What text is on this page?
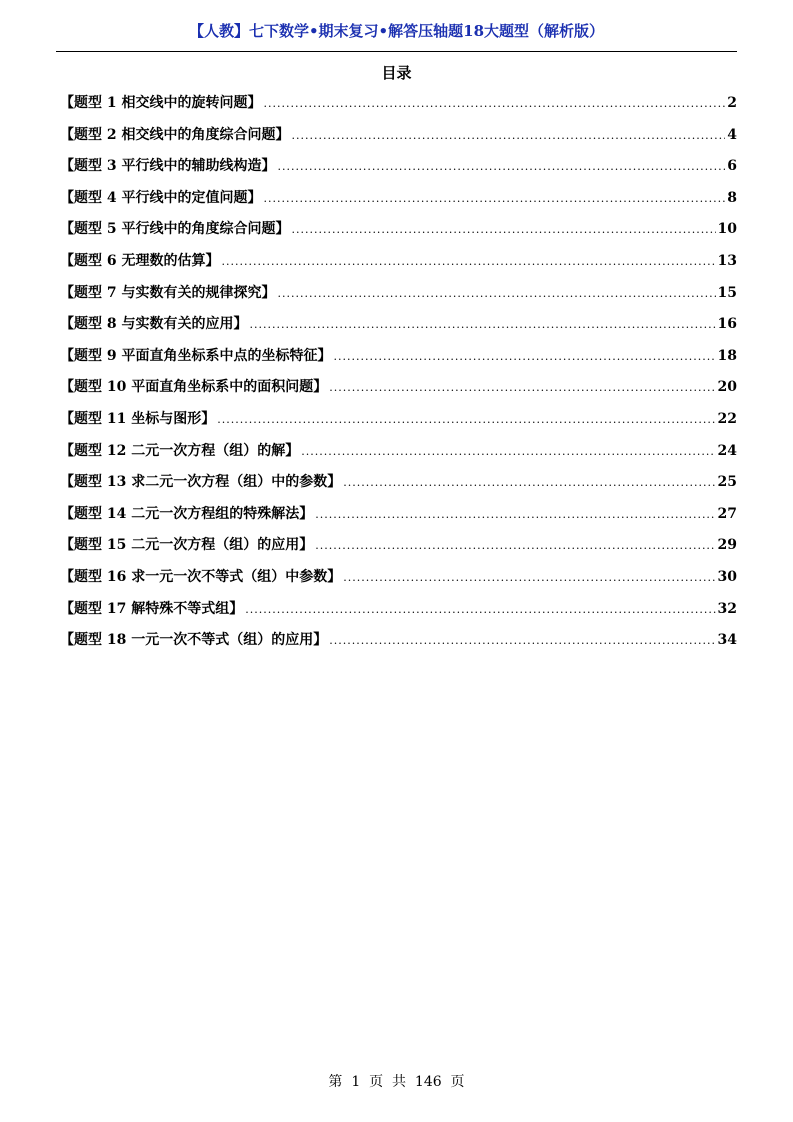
【人教】七下数学•期末复习•解答压轴题18大题型（解析版）
目录
【题型 1 相交线中的旋转问题】 .....	2
【题型 2 相交线中的角度综合问题】 .....	4
【题型 3 平行线中的辅助线构造】 .....	6
【题型 4 平行线中的定值问题】 .....	8
【题型 5 平行线中的角度综合问题】 .....	10
【题型 6 无理数的估算】 .....	13
【题型 7 与实数有关的规律探究】 .....	15
【题型 8 与实数有关的应用】 .....	16
【题型 9 平面直角坐标系中点的坐标特征】 .....	18
【题型 10 平面直角坐标系中的面积问题】 .....	20
【题型 11 坐标与图形】 .....	22
【题型 12 二元一次方程（组）的解】 .....	24
【题型 13 求二元一次方程（组）中的参数】 .....	25
【题型 14 二元一次方程组的特殊解法】 .....	27
【题型 15 二元一次方程（组）的应用】 .....	29
【题型 16 求一元一次不等式（组）中参数】 .....	30
【题型 17 解特殊不等式组】 .....	32
【题型 18 一元一次不等式（组）的应用】 .....	34
第  1  页  共  146  页
